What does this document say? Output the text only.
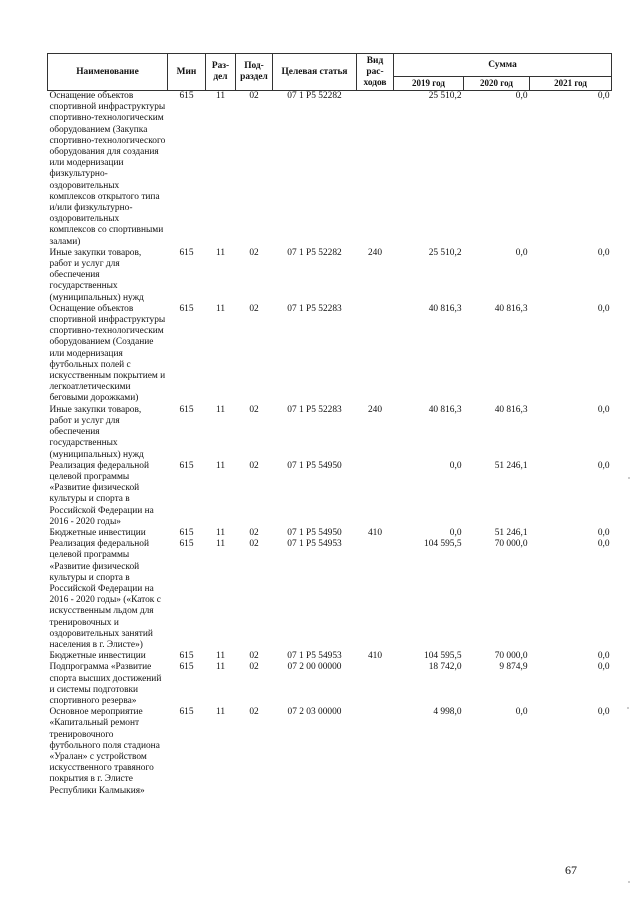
Наименование	Мин	Раз-дел	Под-раздел	Целевая статья	Вид рас-ходов	Сумма		
						2019 год	2020 год	2021 год
Оснащение объектов спортивной инфраструктуры спортивно-технологическим оборудованием (Закупка спортивно-технологического оборудования для создания или модернизации физкультурно-оздоровительных комплексов открытого типа и/или физкультурно-оздоровительных комплексов со спортивными залами)	615	11	02	07 1 P5 52282		25 510,2	0,0	0,0
Иные закупки товаров, работ и услуг для обеспечения государственных (муниципальных) нужд	615	11	02	07 1 P5 52282	240	25 510,2	0,0	0,0
Оснащение объектов спортивной инфраструктуры спортивно-технологическим оборудованием (Создание или модернизация футбольных полей с искусственным покрытием и легкоатлетическими беговыми дорожками)	615	11	02	07 1 P5 52283		40 816,3	40 816,3	0,0
Иные закупки товаров, работ и услуг для обеспечения государственных (муниципальных) нужд	615	11	02	07 1 P5 52283	240	40 816,3	40 816,3	0,0
Реализация федеральной целевой программы «Развитие физической культуры и спорта в Российской Федерации на 2016 - 2020 годы»	615	11	02	07 1 P5 54950		0,0	51 246,1	0,0
Бюджетные инвестиции	615	11	02	07 1 P5 54950	410	0,0	51 246,1	0,0
Реализация федеральной целевой программы «Развитие физической культуры и спорта в Российской Федерации на 2016 - 2020 годы» («Каток с искусственным льдом для тренировочных и оздоровительных занятий населения в г. Элисте»)	615	11	02	07 1 P5 54953		104 595,5	70 000,0	0,0
Бюджетные инвестиции	615	11	02	07 1 P5 54953	410	104 595,5	70 000,0	0,0
Подпрограмма «Развитие спорта высших достижений и системы подготовки спортивного резерва»	615	11	02	07 2 00 00000		18 742,0	9 874,9	0,0
Основное мероприятие «Капитальный ремонт тренировочного футбольного поля стадиона «Уралан» с устройством искусственного травяного покрытия в г. Элисте Республики Калмыкия»	615	11	02	07 2 03 00000		4 998,0	0,0	0,0
67
